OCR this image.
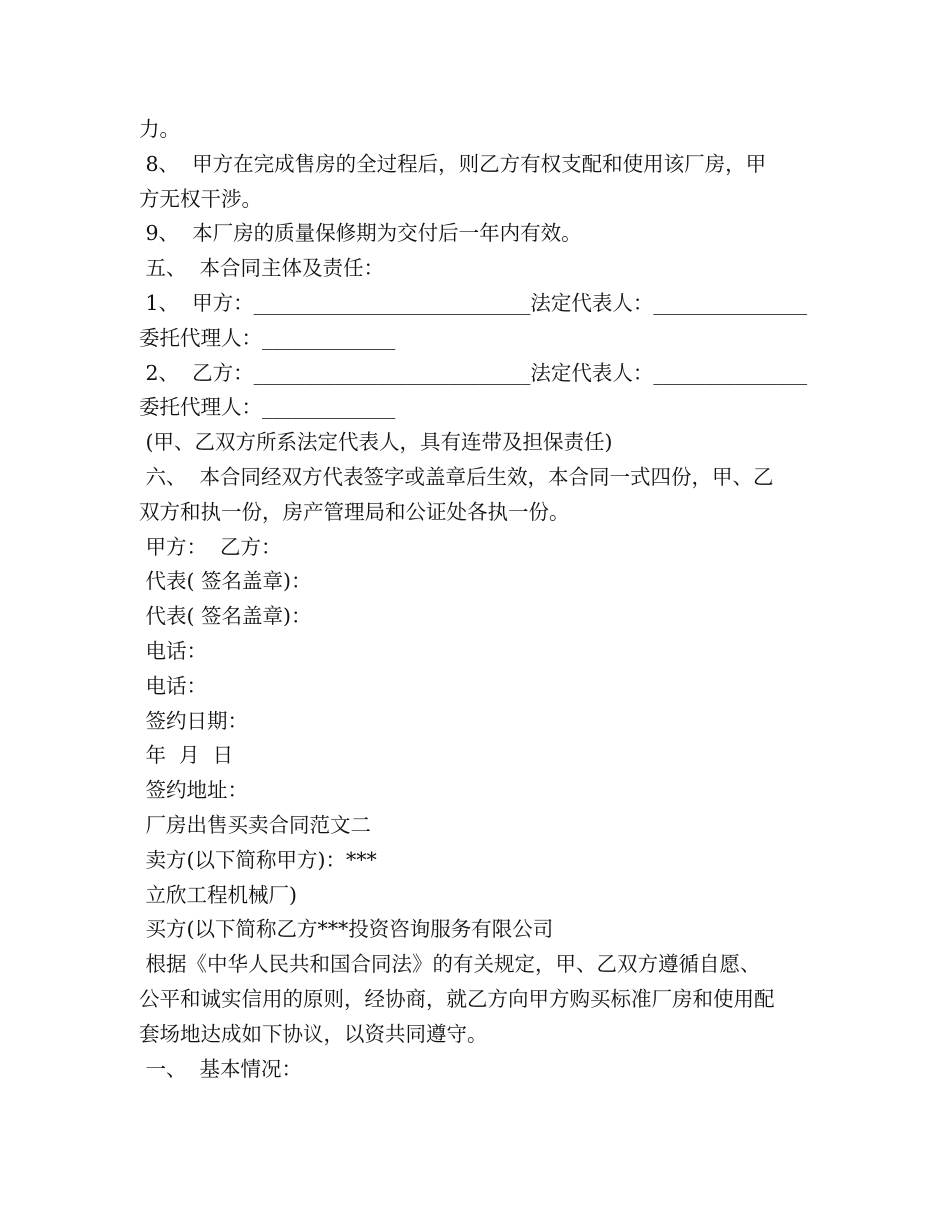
力。
8、  甲方在完成售房的全过程后，则乙方有权支配和使用该厂房，甲
方无权干涉。
9、  本厂房的质量保修期为交付后一年内有效。
五、  本合同主体及责任：
1、  甲方：___________________________法定代表人：_______________
委托代理人：_____________
2、  乙方：___________________________法定代表人：_______________
委托代理人：_____________
(甲、乙双方所系法定代表人，具有连带及担保责任)
六、  本合同经双方代表签字或盖章后生效，本合同一式四份，甲、乙
双方和执一份，房产管理局和公证处各执一份。
甲方：  乙方：
代表( 签名盖章)：
代表( 签名盖章)：
电话：
电话：
签约日期：
年  月  日
签约地址：
厂房出售买卖合同范文二
卖方(以下简称甲方)：***
立欣工程机械厂)
买方(以下简称乙方***投资咨询服务有限公司
根据《中华人民共和国合同法》的有关规定，甲、乙双方遵循自愿、
公平和诚实信用的原则，经协商，就乙方向甲方购买标准厂房和使用配
套场地达成如下协议，以资共同遵守。
一、  基本情况：
